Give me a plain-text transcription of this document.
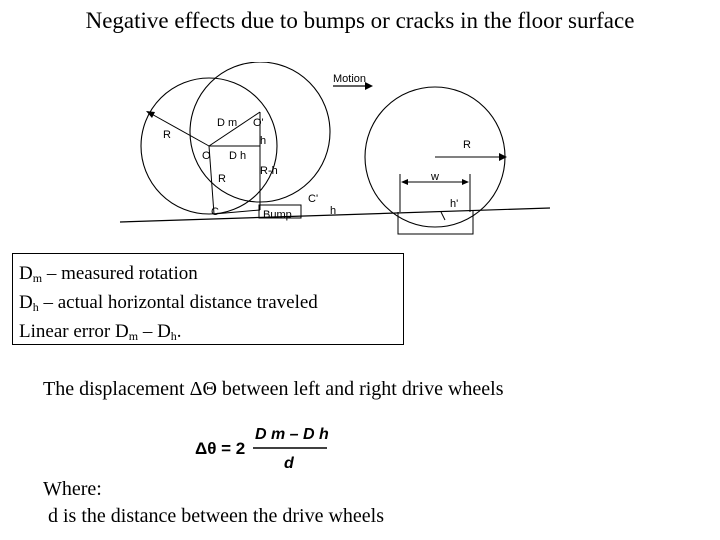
Negative effects due to bumps or cracks in the floor surface
Motion
R
D m O'
h
O D h
R-h
R
C	Bump
C'
h
R
w
h'
$D_m$ – measured rotation
$D_h$ – actual horizontal distance traveled
Linear error $D_m - D_h$.
The displacement ΔΘ between left and right drive wheels
Δθ = 2
D m – D h
d
Where:
d is the distance between the drive wheels
